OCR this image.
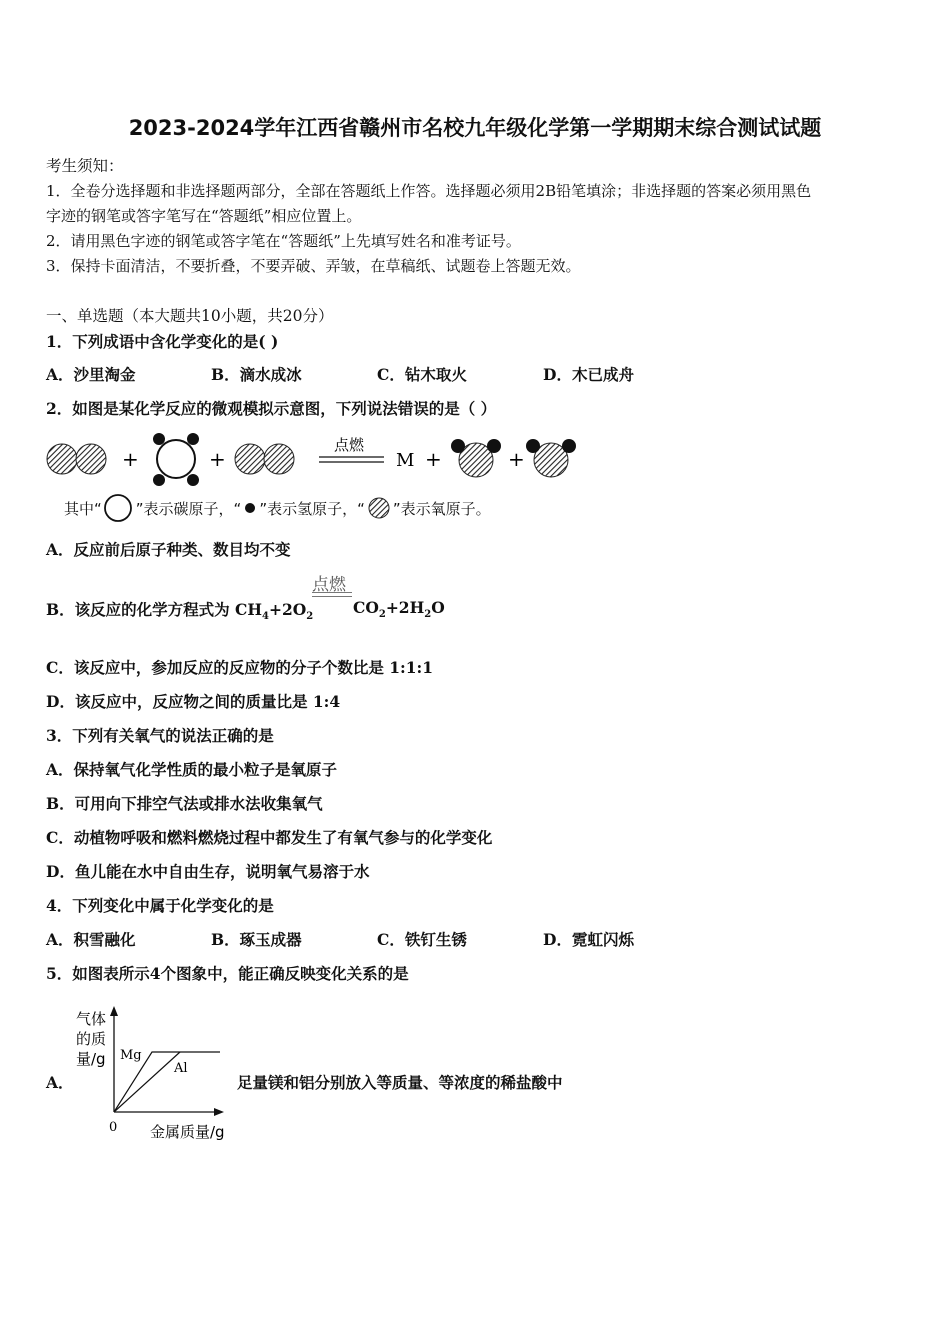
2023-2024学年江西省赣州市名校九年级化学第一学期期末综合测试试题
考生须知：
1．全卷分选择题和非选择题两部分，全部在答题纸上作答。选择题必须用2B铅笔填涂；非选择题的答案必须用黑色
字迹的钢笔或答字笔写在“答题纸”相应位置上。
2．请用黑色字迹的钢笔或答字笔在“答题纸”上先填写姓名和准考证号。
3．保持卡面清洁，不要折叠，不要弄破、弄皱，在草稿纸、试题卷上答题无效。
一、单选题（本大题共10小题，共20分）
1．下列成语中含化学变化的是( )
A．沙里淘金	B．滴水成冰	C．钻木取火	D．木已成舟
2．如图是某化学反应的微观模拟示意图，下列说法错误的是（ ）
+	+
点燃
M +	+
其中“ ”表示碳原子，“ ”表示氢原子，“ ”表示氧原子。
A．反应前后原子种类、数目均不变
B．该反应的化学方程式为 $CH_4+2O_2$
点燃
$CO_2+2H_2O$
C．该反应中，参加反应的反应物的分子个数比是 1:1:1
D．该反应中，反应物之间的质量比是 1:4
3．下列有关氧气的说法正确的是
A．保持氧气化学性质的最小粒子是氧原子
B．可用向下排空气法或排水法收集氧气
C．动植物呼吸和燃料燃烧过程中都发生了有氧气参与的化学变化
D．鱼儿能在水中自由生存，说明氧气易溶于水
4．下列变化中属于化学变化的是
A．积雪融化	B．琢玉成器	C．铁钉生锈	D．霓虹闪烁
5．如图表所示4个图象中，能正确反映变化关系的是
A．
气体
的质
量/g Mg
Al
0 金属质量/g
足量镁和铝分别放入等质量、等浓度的稀盐酸中
